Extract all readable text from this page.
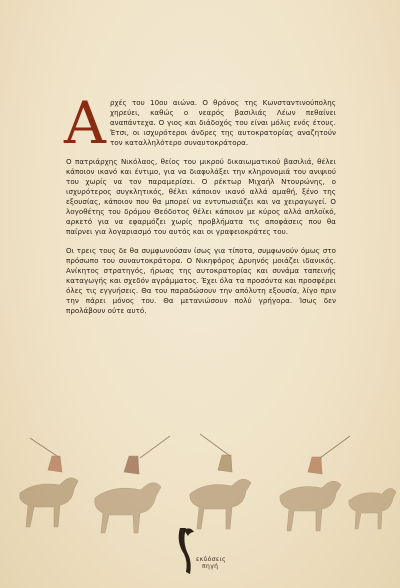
Αρχές του 10ου αιώνα. Ο θρόνος της Κωνσταντινούπολης χηρεύει, καθώς ο νεαρός βασιλιάς Λέων πεθαίνει αναπάντεχα. Ο γιος και διάδοχός του είναι μόλις ενός έτους. Έτσι, οι ισχυρότεροι άνδρες της αυτοκρατορίας αναζητούν τον καταλληλότερο συναυτοκράτορα.

Ο πατριάρχης Νικόλαος, θείος του μικρού δικαιωματικού βασιλιά, θέλει κάποιον ικανό και έντιμο, για να διαφυλάξει την κληρονομιά του ανιψιού του χωρίς να τον παραμερίσει. Ο ρέκτωρ Μιχαήλ Ντουρώνης, ο ισχυρότερος συγκλητικός, θέλει κάποιον ικανό αλλά αμαθή, ξένο της εξουσίας, κάποιον που θα μπορεί να εντυπωσιάζει και να χειραγωγεί. Ο λογοθέτης του δρόμου Θεόδοτος θέλει κάποιον με κύρος αλλά απλοϊκό, αρκετό για να εφαρμόζει χωρίς προβλήματα τις αποφάσεις που θα παίρνει για λογαριασμό του αυτός και οι γραφειοκράτες του.

Οι τρεις τους δε θα συμφωνούσαν ίσως για τίποτα, συμφωνούν όμως στο πρόσωπο του συναυτοκράτορα. Ο Νικηφόρος Δρυηνός μοιάζει ιδανικός. Ανίκητος στρατηγός, ήρωας της αυτοκρατορίας και συνάμα ταπεινής καταγωγής και σχεδόν αγράμματος. Έχει όλα τα προσόντα και προσφέρει όλες τις εγγυήσεις. Θα του παραδώσουν την απόλυτη εξουσία, λίγο πριν την πάρει μόνος του. Θα μετανιώσουν πολύ γρήγορα. Ίσως δεν προλάβουν ούτε αυτό.

εκδόσεις
πηγή
